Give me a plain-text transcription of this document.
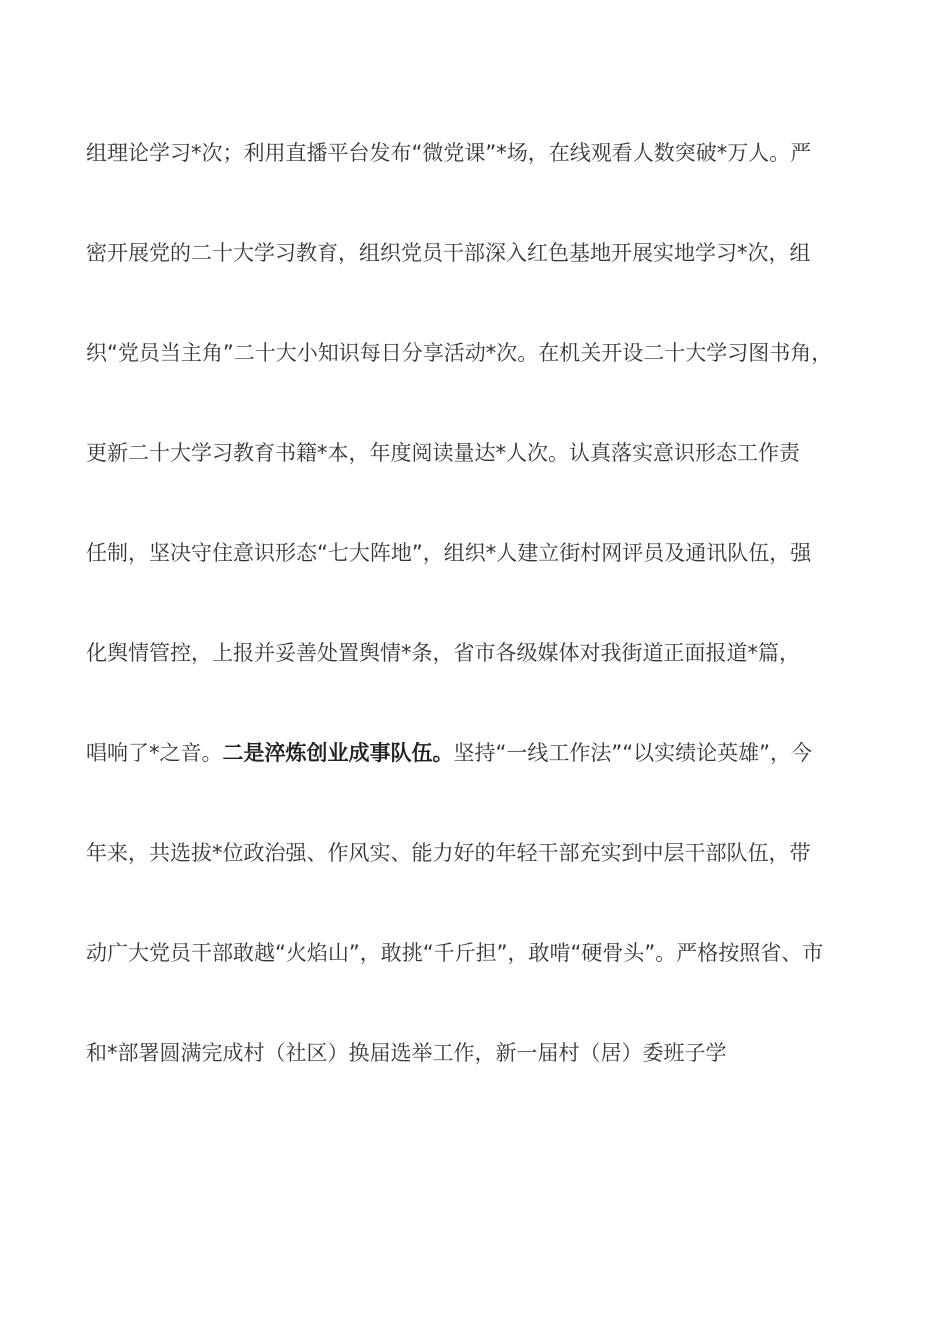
组理论学习*次；利用直播平台发布“微党课”*场，在线观看人数突破*万人。严
密开展党的二十大学习教育，组织党员干部深入红色基地开展实地学习*次，组
织“党员当主角”二十大小知识每日分享活动*次。在机关开设二十大学习图书角，
更新二十大学习教育书籍*本，年度阅读量达*人次。认真落实意识形态工作责
任制，坚决守住意识形态“七大阵地”，组织*人建立街村网评员及通讯队伍，强
化舆情管控，上报并妥善处置舆情*条，省市各级媒体对我街道正面报道*篇，
唱响了*之音。二是淬炼创业成事队伍。坚持“一线工作法”“以实绩论英雄”，今
年来，共选拔*位政治强、作风实、能力好的年轻干部充实到中层干部队伍，带
动广大党员干部敢越“火焰山”，敢挑“千斤担”，敢啃“硬骨头”。严格按照省、市
和*部署圆满完成村（社区）换届选举工作，新一届村（居）委班子学
